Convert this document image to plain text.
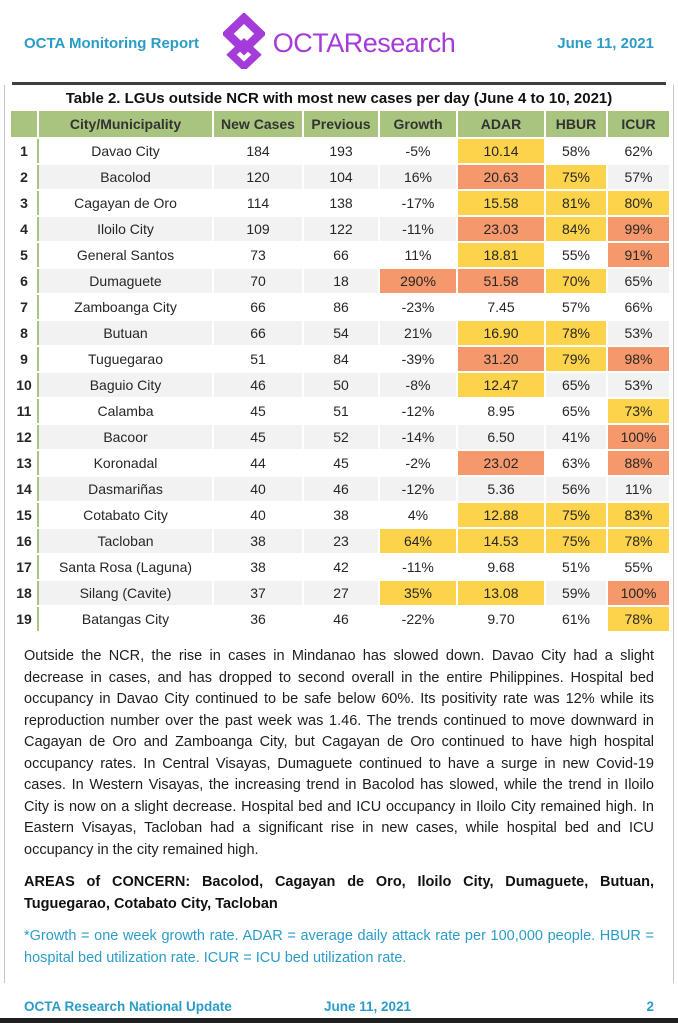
OCTA Monitoring Report	OCTAResearch	June 11, 2021
Table 2. LGUs outside NCR with most new cases per day (June 4 to 10, 2021)
	City/Municipality	New Cases	Previous	Growth	ADAR	HBUR	ICUR
1	Davao City	184	193	-5%	10.14	58%	62%
2	Bacolod	120	104	16%	20.63	75%	57%
3	Cagayan de Oro	114	138	-17%	15.58	81%	80%
4	Iloilo City	109	122	-11%	23.03	84%	99%
5	General Santos	73	66	11%	18.81	55%	91%
6	Dumaguete	70	18	290%	51.58	70%	65%
7	Zamboanga City	66	86	-23%	7.45	57%	66%
8	Butuan	66	54	21%	16.90	78%	53%
9	Tuguegarao	51	84	-39%	31.20	79%	98%
10	Baguio City	46	50	-8%	12.47	65%	53%
11	Calamba	45	51	-12%	8.95	65%	73%
12	Bacoor	45	52	-14%	6.50	41%	100%
13	Koronadal	44	45	-2%	23.02	63%	88%
14	Dasmariñas	40	46	-12%	5.36	56%	11%
15	Cotabato City	40	38	4%	12.88	75%	83%
16	Tacloban	38	23	64%	14.53	75%	78%
17	Santa Rosa (Laguna)	38	42	-11%	9.68	51%	55%
18	Silang (Cavite)	37	27	35%	13.08	59%	100%
19	Batangas City	36	46	-22%	9.70	61%	78%

Outside the NCR, the rise in cases in Mindanao has slowed down. Davao City had a slight decrease in cases, and has dropped to second overall in the entire Philippines. Hospital bed occupancy in Davao City continued to be safe below 60%. Its positivity rate was 12% while its reproduction number over the past week was 1.46. The trends continued to move downward in Cagayan de Oro and Zamboanga City, but Cagayan de Oro continued to have high hospital occupancy rates. In Central Visayas, Dumaguete continued to have a surge in new Covid-19 cases. In Western Visayas, the increasing trend in Bacolod has slowed, while the trend in Iloilo City is now on a slight decrease. Hospital bed and ICU occupancy in Iloilo City remained high. In Eastern Visayas, Tacloban had a significant rise in new cases, while hospital bed and ICU occupancy in the city remained high.

AREAS of CONCERN: Bacolod, Cagayan de Oro, Iloilo City, Dumaguete, Butuan, Tuguegarao, Cotabato City, Tacloban

*Growth = one week growth rate. ADAR = average daily attack rate per 100,000 people. HBUR = hospital bed utilization rate. ICUR = ICU bed utilization rate.

OCTA Research National Update	June 11, 2021	2
